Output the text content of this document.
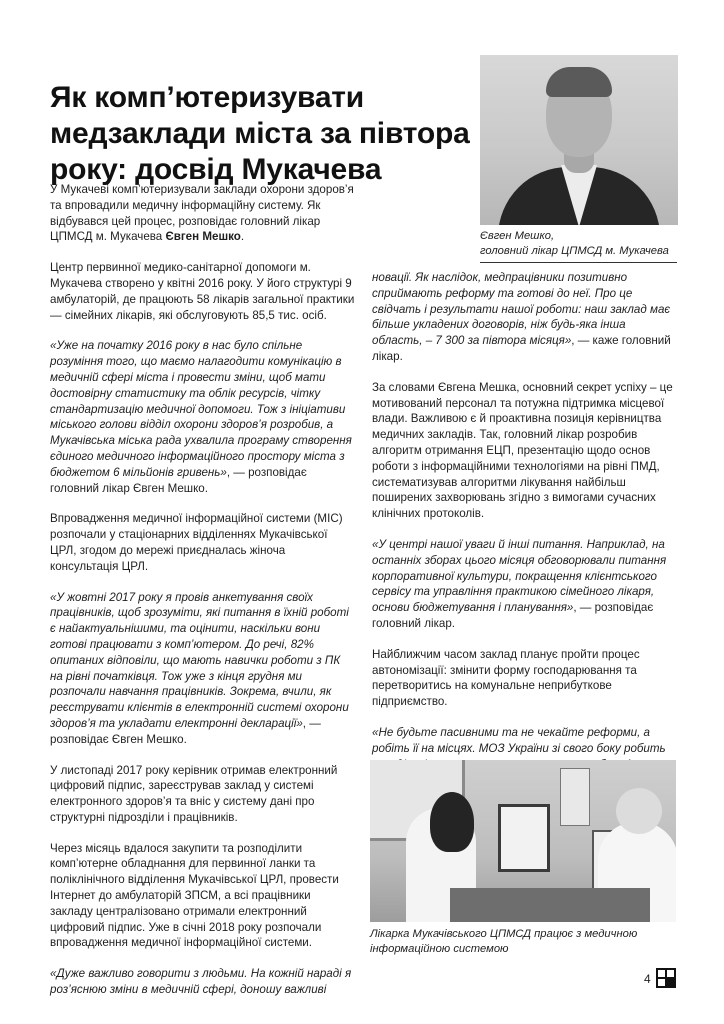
Як комп’ютеризувати
медзаклади міста за півтора
року: досвід Мукачева
Євген Мешко,
головний лікар ЦПМСД м. Мукачева

У Мукачеві комп’ютеризували заклади охорони здоров’я та впровадили медичну інформаційну систему. Як відбувався цей процес, розповідає головний лікар ЦПМСД м. Мукачева Євген Мешко.

Центр первинної медико-санітарної допомоги м. Мукачева створено у квітні 2016 року. У його структурі 9 амбулаторій, де працюють 58 лікарів загальної практики — сімейних лікарів, які обслуговують 85,5 тис. осіб.

«Уже на початку 2016 року в нас було спільне розуміння того, що маємо налагодити комунікацію в медичній сфері міста і провести зміни, щоб мати достовірну статистику та облік ресурсів, чітку стандартизацію медичної допомоги. Тож з ініціативи міського голови відділ охорони здоров’я розробив, а Мукачівська міська рада ухвалила програму створення єдиного медичного інформаційного простору міста з бюджетом 6 мільйонів гривень», — розповідає головний лікар Євген Мешко.

Впровадження медичної інформаційної системи (МІС) розпочали у стаціонарних відділеннях Мукачівської ЦРЛ, згодом до мережі приєдналась жіноча консультація ЦРЛ.

«У жовтні 2017 року я провів анкетування своїх працівників, щоб зрозуміти, які питання в їхній роботі є найактуальнішими, та оцінити, наскільки вони готові працювати з комп’ютером. До речі, 82% опитаних відповіли, що мають навички роботи з ПК на рівні початківця. Тож уже з кінця грудня ми розпочали навчання працівників. Зокрема, вчили, як реєструвати клієнтів в електронній системі охорони здоров’я та укладати електронні декларації», — розповідає Євген Мешко.

У листопаді 2017 року керівник отримав електронний цифровий підпис, зареєстрував заклад у системі електронного здоров’я та вніс у систему дані про структурні підрозділи і працівників.

Через місяць вдалося закупити та розподілити комп’ютерне обладнання для первинної ланки та поліклінічного відділення Мукачівської ЦРЛ, провести Інтернет до амбулаторій ЗПСМ, а всі працівники закладу централізовано отримали електронний цифровий підпис. Уже в січні 2018 року розпочали впровадження медичної інформаційної системи.

«Дуже важливо говорити з людьми. На кожній нараді я роз’яснюю зміни в медичній сфері, доношу важливі

новації. Як наслідок, медпрацівники позитивно сприймають реформу та готові до неї. Про це свідчать і результати нашої роботи: наш заклад має більше укладених договорів, ніж будь-яка інша область, – 7 300 за півтора місяця», — каже головний лікар.

За словами Євгена Мешка, основний секрет успіху – це мотивований персонал та потужна підтримка місцевої влади. Важливою є й проактивна позиція керівництва медичних закладів. Так, головний лікар розробив алгоритм отримання ЕЦП, презентацію щодо основ роботи з інформаційними технологіями на рівні ПМД, систематизував алгоритми лікування найбільш поширених захворювань згідно з вимогами сучасних клінічних протоколів.

«У центрі нашої уваги й інші питання. Наприклад, на останніх зборах цього місяця обговорювали питання корпоративної культури, покращення клієнтського сервісу та управління практикою сімейного лікаря, основи бюджетування і планування», — розповідає головний лікар.

Найближчим часом заклад планує пройти процес автономізації: змінити форму господарювання та перетворитись на комунальне неприбуткове підприємство.

«Не будьте пасивними та не чекайте реформи, а робіть її на місцях. МОЗ України зі свого боку робить

Лікарка Мукачівського ЦПМСД працює з медичною
інформаційною системою
4
